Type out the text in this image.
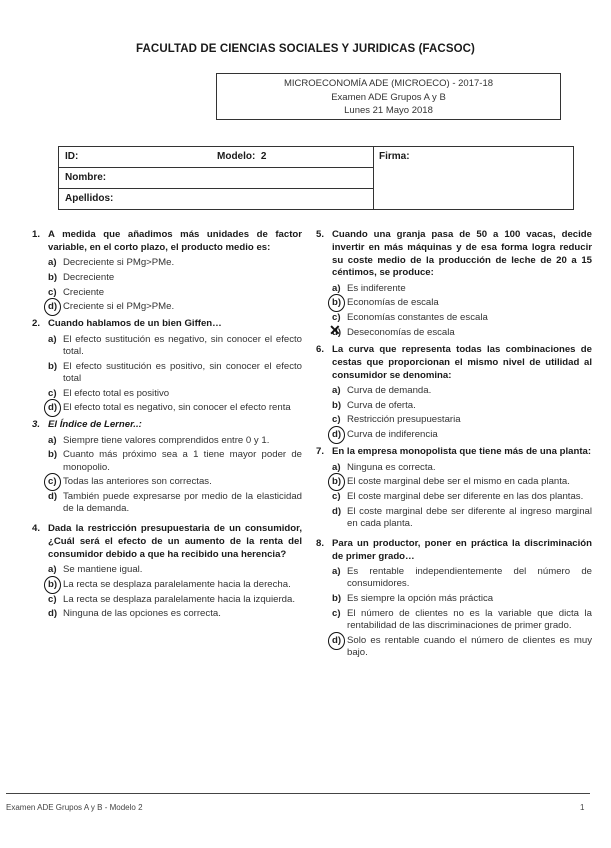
FACULTAD DE CIENCIAS SOCIALES Y JURIDICAS (FACSOC)
MICROECONOMÍA ADE (MICROECO) - 2017-18
Examen ADE Grupos A y B
Lunes 21 Mayo 2018
ID:	Modelo: 2
Nombre:
Apellidos:
Firma:
1. A medida que añadimos más unidades de factor variable, en el corto plazo, el producto medio es:
a) Decreciente si PMg>PMe.
b) Decreciente
c) Creciente
d) Creciente si el PMg>PMe.
2. Cuando hablamos de un bien Giffen…
a) El efecto sustitución es negativo, sin conocer el efecto total.
b) El efecto sustitución es positivo, sin conocer el efecto total
c) El efecto total es positivo
d) El efecto total es negativo, sin conocer el efecto renta
3. El Índice de Lerner..:
a) Siempre tiene valores comprendidos entre 0 y 1.
b) Cuanto más próximo sea a 1 tiene mayor poder de monopolio.
c) Todas las anteriores son correctas.
d) También puede expresarse por medio de la elasticidad de la demanda.
4. Dada la restricción presupuestaria de un consumidor, ¿Cuál será el efecto de un aumento de la renta del consumidor debido a que ha recibido una herencia?
a) Se mantiene igual.
b) La recta se desplaza paralelamente hacia la derecha.
c) La recta se desplaza paralelamente hacia la izquierda.
d) Ninguna de las opciones es correcta.
5. Cuando una granja pasa de 50 a 100 vacas, decide invertir en más máquinas y de esa forma logra reducir su coste medio de la producción de leche de 20 a 15 céntimos, se produce:
a) Es indiferente
b) Economías de escala
c) Economías constantes de escala
d) ✕ Deseconomías de escala
6. La curva que representa todas las combinaciones de cestas que proporcionan el mismo nivel de utilidad al consumidor se denomina:
a) Curva de demanda.
b) Curva de oferta.
c) Restricción presupuestaria
d) Curva de indiferencia
7. En la empresa monopolista que tiene más de una planta:
a) Ninguna es correcta.
b) El coste marginal debe ser el mismo en cada planta.
c) El coste marginal debe ser diferente en las dos plantas.
d) El coste marginal debe ser diferente al ingreso marginal en cada planta.
8. Para un productor, poner en práctica la discriminación de primer grado…
a) Es rentable independientemente del número de consumidores.
b) Es siempre la opción más práctica
c) El número de clientes no es la variable que dicta la rentabilidad de las discriminaciones de primer grado.
d) Solo es rentable cuando el número de clientes es muy bajo.
Examen ADE Grupos A y B - Modelo 2	1
